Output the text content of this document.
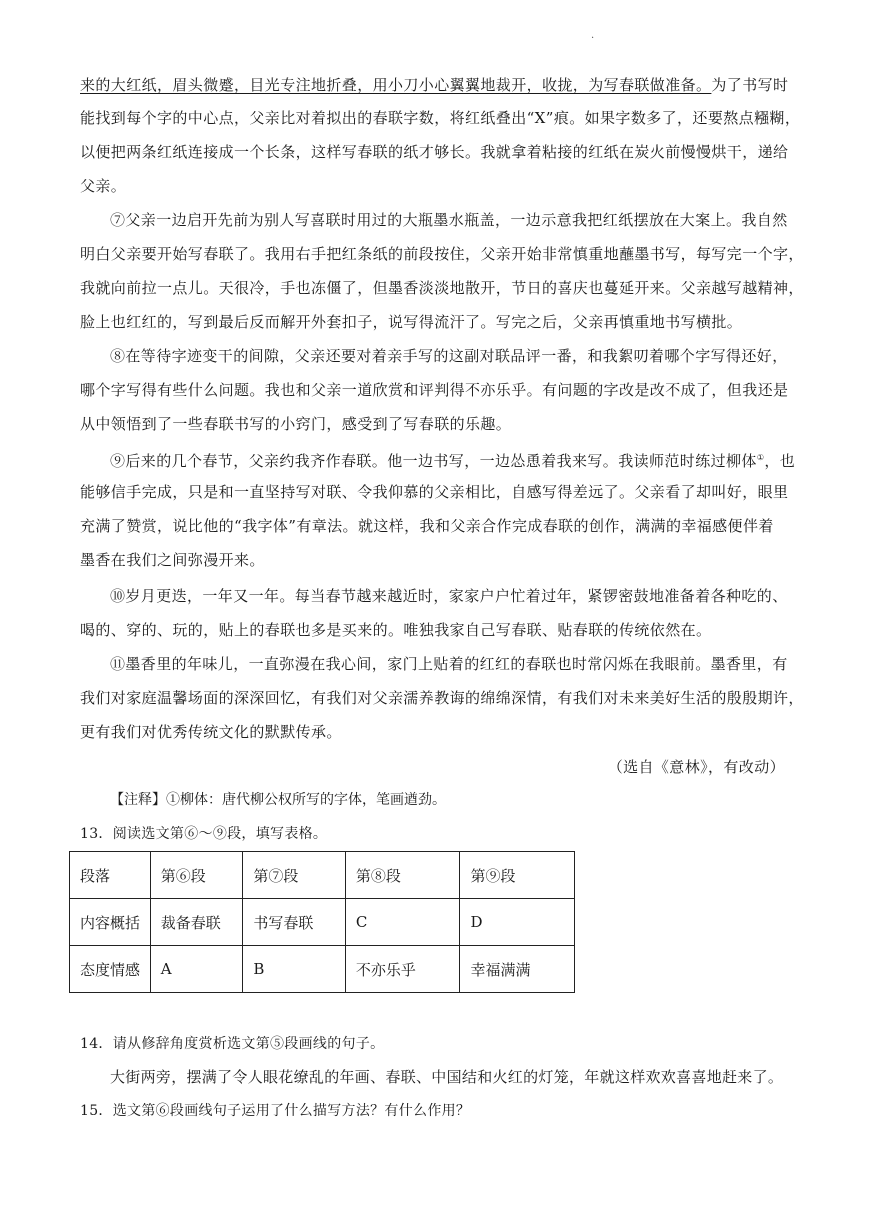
.
来的大红纸，眉头微蹙，目光专注地折叠，用小刀小心翼翼地裁开，收拢，为写春联做准备。为了书写时
能找到每个字的中心点，父亲比对着拟出的春联字数，将红纸叠出“X”痕。如果字数多了，还要熬点糨糊，
以便把两条红纸连接成一个长条，这样写春联的纸才够长。我就拿着粘接的红纸在炭火前慢慢烘干，递给
父亲。
⑦父亲一边启开先前为别人写喜联时用过的大瓶墨水瓶盖，一边示意我把红纸摆放在大案上。我自然
明白父亲要开始写春联了。我用右手把红条纸的前段按住，父亲开始非常慎重地蘸墨书写，每写完一个字，
我就向前拉一点儿。天很冷，手也冻僵了，但墨香淡淡地散开，节日的喜庆也蔓延开来。父亲越写越精神，
脸上也红红的，写到最后反而解开外套扣子，说写得流汗了。写完之后，父亲再慎重地书写横批。
⑧在等待字迹变干的间隙，父亲还要对着亲手写的这副对联品评一番，和我絮叨着哪个字写得还好，
哪个字写得有些什么问题。我也和父亲一道欣赏和评判得不亦乐乎。有问题的字改是改不成了，但我还是
从中领悟到了一些春联书写的小窍门，感受到了写春联的乐趣。
⑨后来的几个春节，父亲约我齐作春联。他一边书写，一边怂恿着我来写。我读师范时练过柳体①，也
能够信手完成，只是和一直坚持写对联、令我仰慕的父亲相比，自感写得差远了。父亲看了却叫好，眼里
充满了赞赏，说比他的“我字体”有章法。就这样，我和父亲合作完成春联的创作，满满的幸福感便伴着
墨香在我们之间弥漫开来。
⑩岁月更迭，一年又一年。每当春节越来越近时，家家户户忙着过年，紧锣密鼓地准备着各种吃的、
喝的、穿的、玩的，贴上的春联也多是买来的。唯独我家自己写春联、贴春联的传统依然在。
⑪墨香里的年味儿，一直弥漫在我心间，家门上贴着的红红的春联也时常闪烁在我眼前。墨香里，有
我们对家庭温馨场面的深深回忆，有我们对父亲濡养教诲的绵绵深情，有我们对未来美好生活的殷殷期许，
更有我们对优秀传统文化的默默传承。
（选自《意林》，有改动）
【注释】①柳体：唐代柳公权所写的字体，笔画遒劲。
13．阅读选文第⑥～⑨段，填写表格。
段落	第⑥段	第⑦段	第⑧段	第⑨段
内容概括	裁备春联	书写春联	C	D
态度情感	A	B	不亦乐乎	幸福满满
14．请从修辞角度赏析选文第⑤段画线的句子。
大街两旁，摆满了令人眼花缭乱的年画、春联、中国结和火红的灯笼，年就这样欢欢喜喜地赶来了。
15．选文第⑥段画线句子运用了什么描写方法？有什么作用？
